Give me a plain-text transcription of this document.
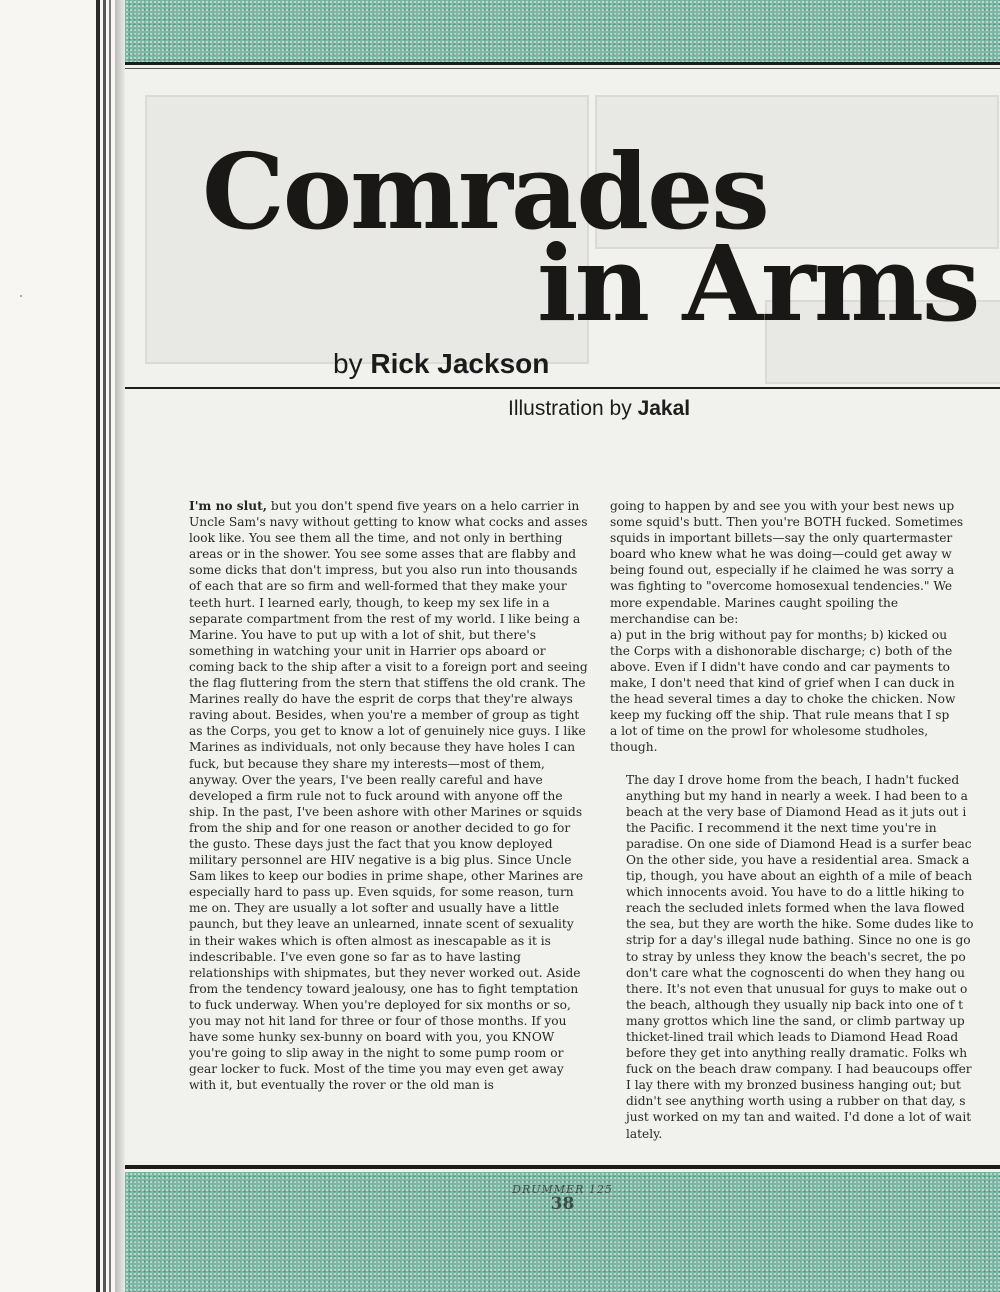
Comrades
in Arms
by Rick Jackson
Illustration by Jakal

I'm no slut, but you don't spend five years on a helo carrier in Uncle Sam's navy without getting to know what cocks and asses look like. You see them all the time, and not only in berthing areas or in the shower. You see some asses that are flabby and some dicks that don't impress, but you also run into thousands of each that are so firm and well-formed that they make your teeth hurt. I learned early, though, to keep my sex life in a separate compartment from the rest of my world. I like being a Marine. You have to put up with a lot of shit, but there's something in watching your unit in Harrier ops aboard or coming back to the ship after a visit to a foreign port and seeing the flag fluttering from the stern that stiffens the old crank. The Marines really do have the esprit de corps that they're always raving about. Besides, when you're a member of group as tight as the Corps, you get to know a lot of genuinely nice guys. I like Marines as individuals, not only because they have holes I can fuck, but because they share my interests—most of them, anyway. Over the years, I've been really careful and have developed a firm rule not to fuck around with anyone off the ship. In the past, I've been ashore with other Marines or squids from the ship and for one reason or another decided to go for the gusto. These days just the fact that you know deployed military personnel are HIV negative is a big plus. Since Uncle Sam likes to keep our bodies in prime shape, other Marines are especially hard to pass up. Even squids, for some reason, turn me on. They are usually a lot softer and usually have a little paunch, but they leave an unlearned, innate scent of sexuality in their wakes which is often almost as inescapable as it is indescribable. I've even gone so far as to have lasting relationships with shipmates, but they never worked out. Aside from the tendency toward jealousy, one has to fight temptation to fuck underway. When you're deployed for six months or so, you may not hit land for three or four of those months. If you have some hunky sex-bunny on board with you, you KNOW you're going to slip away in the night to some pump room or gear locker to fuck. Most of the time you may even get away with it, but eventually the rover or the old man is

going to happen by and see you with your best news up
some squid's butt. Then you're BOTH fucked. Sometimes
squids in important billets—say the only quartermaster
board who knew what he was doing—could get away w
being found out, especially if he claimed he was sorry a
was fighting to "overcome homosexual tendencies." We
more expendable. Marines caught spoiling the
merchandise can be:
a) put in the brig without pay for months; b) kicked ou
the Corps with a dishonorable discharge; c) both of the
above. Even if I didn't have condo and car payments to
make, I don't need that kind of grief when I can duck in
the head several times a day to choke the chicken. Now
keep my fucking off the ship. That rule means that I sp
a lot of time on the prowl for wholesome studholes,
though.
The day I drove home from the beach, I hadn't fucked
anything but my hand in nearly a week. I had been to a
beach at the very base of Diamond Head as it juts out i
the Pacific. I recommend it the next time you're in
paradise. On one side of Diamond Head is a surfer beac
On the other side, you have a residential area. Smack a
tip, though, you have about an eighth of a mile of beach
which innocents avoid. You have to do a little hiking to
reach the secluded inlets formed when the lava flowed
the sea, but they are worth the hike. Some dudes like to
strip for a day's illegal nude bathing. Since no one is go
to stray by unless they know the beach's secret, the po
don't care what the cognoscenti do when they hang ou
there. It's not even that unusual for guys to make out o
the beach, although they usually nip back into one of t
many grottos which line the sand, or climb partway up
thicket-lined trail which leads to Diamond Head Road
before they get into anything really dramatic. Folks wh
fuck on the beach draw company. I had beaucoups offer
I lay there with my bronzed business hanging out; but
didn't see anything worth using a rubber on that day, s
just worked on my tan and waited. I'd done a lot of wait
lately.
DRUMMER 125
38
